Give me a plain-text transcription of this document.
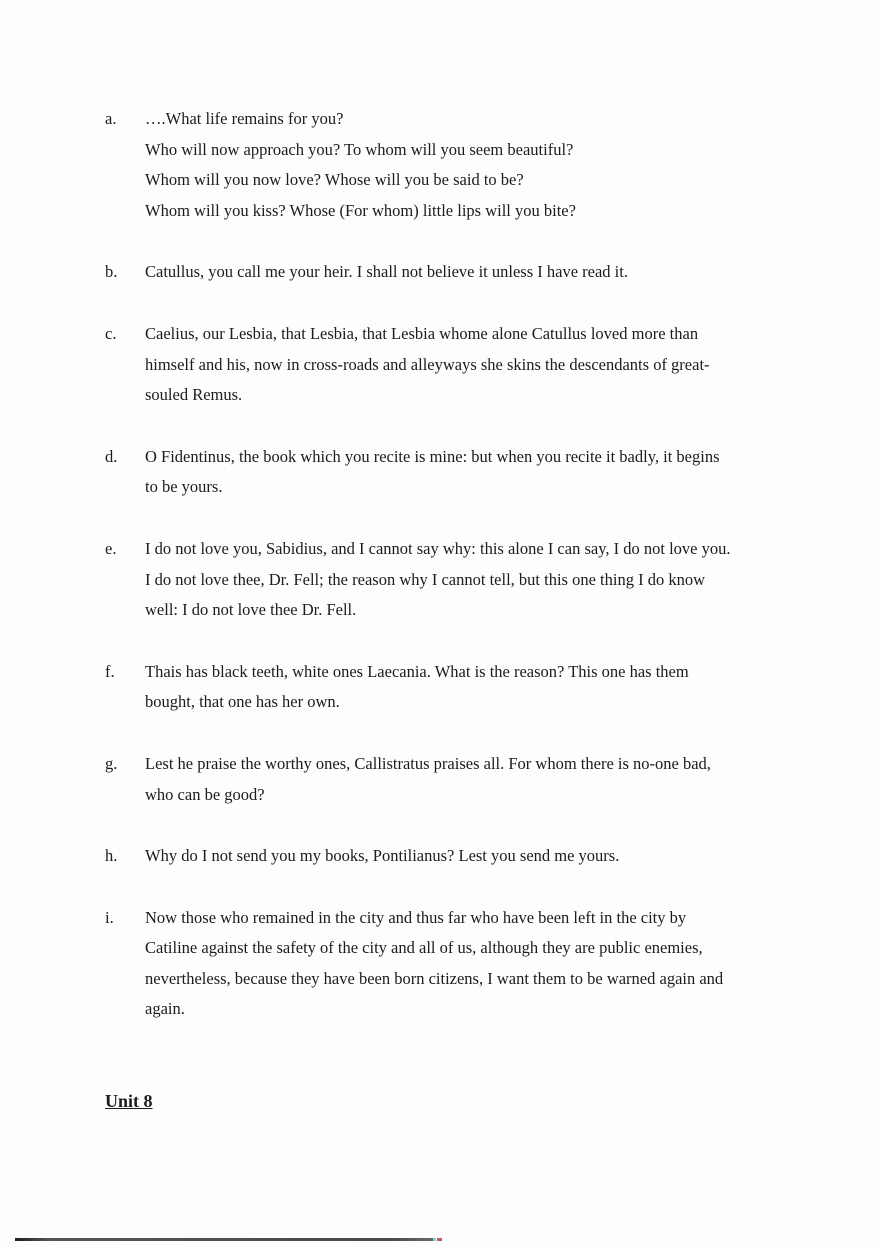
a.	….What life remains for you?
Who will now approach you? To whom will you seem beautiful?
Whom will you now love? Whose will you be said to be?
Whom will you kiss? Whose (For whom) little lips will you bite?
b.	Catullus, you call me your heir. I shall not believe it unless I have read it.
c.	Caelius, our Lesbia, that Lesbia, that Lesbia whome alone Catullus loved more than
himself and his, now in cross-roads and alleyways she skins the descendants of great-
souled Remus.
d.	O Fidentinus, the book which you recite is mine: but when you recite it badly, it begins
to be yours.
e.	I do not love you, Sabidius, and I cannot say why: this alone I can say, I do not love you.
I do not love thee, Dr. Fell; the reason why I cannot tell, but this one thing I do know
well: I do not love thee Dr. Fell.
f.	Thais has black teeth, white ones Laecania. What is the reason? This one has them
bought, that one has her own.
g.	Lest he praise the worthy ones, Callistratus praises all. For whom there is no-one bad,
who can be good?
h.	Why do I not send you my books, Pontilianus? Lest you send me yours.
i.	Now those who remained in the city and thus far who have been left in the city by
Catiline against the safety of the city and all of us, although they are public enemies,
nevertheless, because they have been born citizens, I want them to be warned again and
again.
Unit 8
